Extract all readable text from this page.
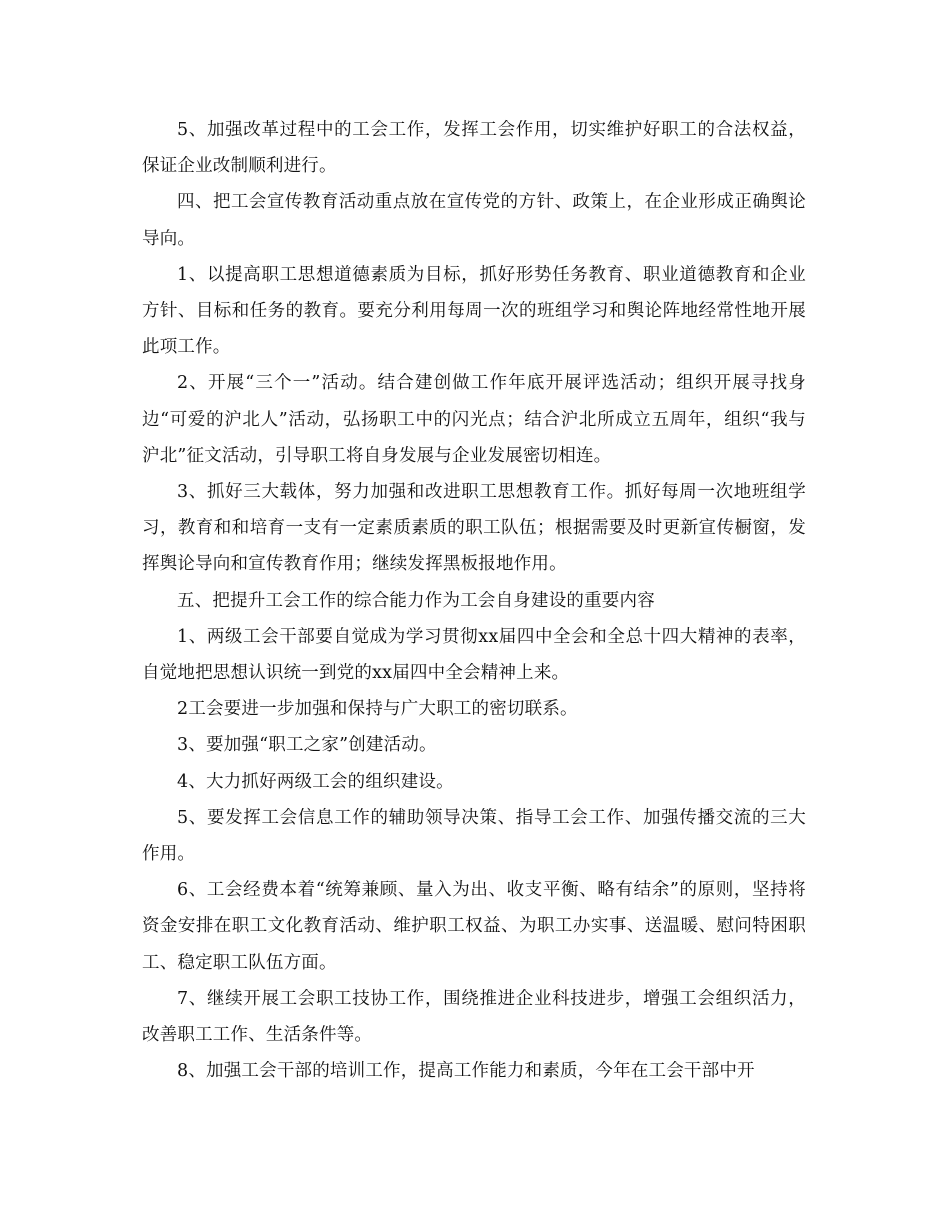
5、加强改革过程中的工会工作，发挥工会作用，切实维护好职工的合法权益，保证企业改制顺利进行。

四、把工会宣传教育活动重点放在宣传党的方针、政策上，在企业形成正确舆论导向。

1、以提高职工思想道德素质为目标，抓好形势任务教育、职业道德教育和企业方针、目标和任务的教育。要充分利用每周一次的班组学习和舆论阵地经常性地开展此项工作。

2、开展“三个一”活动。结合建创做工作年底开展评选活动；组织开展寻找身边“可爱的沪北人”活动，弘扬职工中的闪光点；结合沪北所成立五周年，组织“我与沪北”征文活动，引导职工将自身发展与企业发展密切相连。

3、抓好三大载体，努力加强和改进职工思想教育工作。抓好每周一次地班组学习，教育和和培育一支有一定素质素质的职工队伍；根据需要及时更新宣传橱窗，发挥舆论导向和宣传教育作用；继续发挥黑板报地作用。

五、把提升工会工作的综合能力作为工会自身建设的重要内容

1、两级工会干部要自觉成为学习贯彻xx届四中全会和全总十四大精神的表率，自觉地把思想认识统一到党的xx届四中全会精神上来。

2工会要进一步加强和保持与广大职工的密切联系。

3、要加强“职工之家”创建活动。

4、大力抓好两级工会的组织建设。

5、要发挥工会信息工作的辅助领导决策、指导工会工作、加强传播交流的三大作用。

6、工会经费本着“统筹兼顾、量入为出、收支平衡、略有结余”的原则，坚持将资金安排在职工文化教育活动、维护职工权益、为职工办实事、送温暖、慰问特困职工、稳定职工队伍方面。

7、继续开展工会职工技协工作，围绕推进企业科技进步，增强工会组织活力，改善职工工作、生活条件等。

8、加强工会干部的培训工作，提高工作能力和素质，今年在工会干部中开
